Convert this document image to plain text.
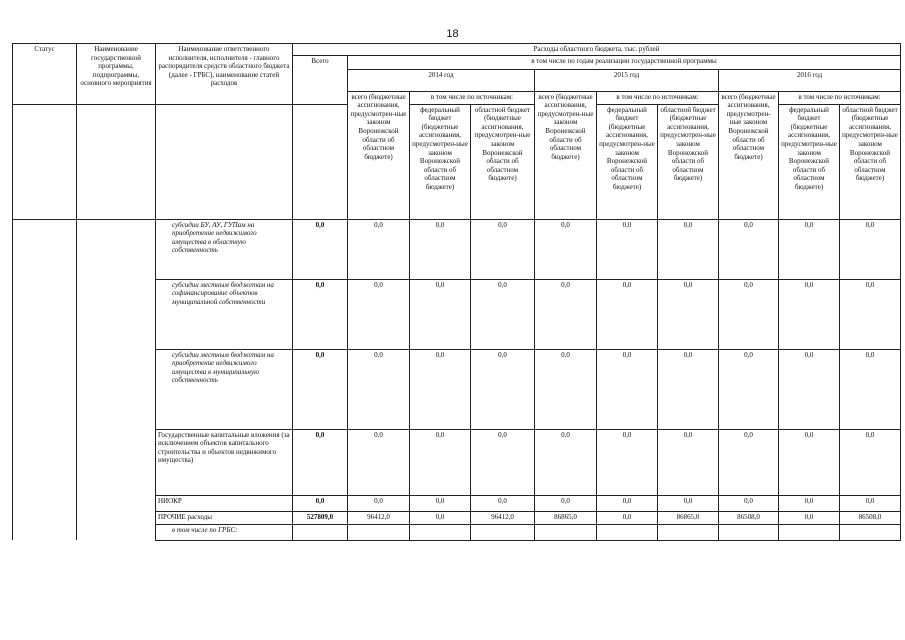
18
Статус	Наименование государственной программы, подпрограммы, основного мероприятия	Наименование ответственного исполнителя, исполнителя - главного распорядителя средств областного бюджета (далее - ГРБС), наименование статей расходов	Расходы областного бюджета, тыс. рублей									
			Всего	в том числе по годам реализации государственной программы								
				2014 год			2015 год			2016 год		
				всего (бюджетные ассигнования, предусмотрен-ные законом Воронежской области об областном бюджете)	в том числе по источникам:		всего (бюджетные ассигнования, предусмотрен-ные законом Воронежской области об областном бюджете)	в том числе по источникам:		всего (бюджетные ассигнования, предусмотрен-ные законом Воронежской области об областном бюджете)	в том числе по источникам:	
					федеральный бюджет (бюджетные ассигнования, предусмотрен-ные законом Воронежской области об областном бюджете)	областной бюджет (бюджетные ассигнования, предусмотрен-ные законом Воронежской области об областном бюджете)		федеральный бюджет (бюджетные ассигнования, предусмотрен-ные законом Воронежской области об областном бюджете)	областной бюджет (бюджетные ассигнования, предусмотрен-ные законом Воронежской области об областном бюджете)		федеральный бюджет (бюджетные ассигнования, предусмотрен-ные законом Воронежской области об областном бюджете)	областной бюджет (бюджетные ассигнования, предусмотрен-ные законом Воронежской области об областном бюджете)
		субсидии БУ, АУ, ГУПам на приобретение недвижимого имущества в областную собственность	0,0	0,0	0,0	0,0	0,0	0,0	0,0	0,0	0,0	0,0
		субсидии местным бюджетам на софинансирование объектов муниципальной собственности	0,0	0,0	0,0	0,0	0,0	0,0	0,0	0,0	0,0	0,0
		субсидии местным бюджетам на приобретение недвижимого имущества в муниципальную собственность	0,0	0,0	0,0	0,0	0,0	0,0	0,0	0,0	0,0	0,0
		Государственные капитальные вложения (за исключением объектов капитального строительства и объектов недвижимого имущества)	0,0	0,0	0,0	0,0	0,0	0,0	0,0	0,0	0,0	0,0
		НИОКР	0,0	0,0	0,0	0,0	0,0	0,0	0,0	0,0	0,0	0,0
		ПРОЧИЕ расходы	527809,0	96412,0	0,0	96412,0	86865,0	0,0	86865,0	86508,0	0,0	86508,0
		в том числе по ГРБС:										
